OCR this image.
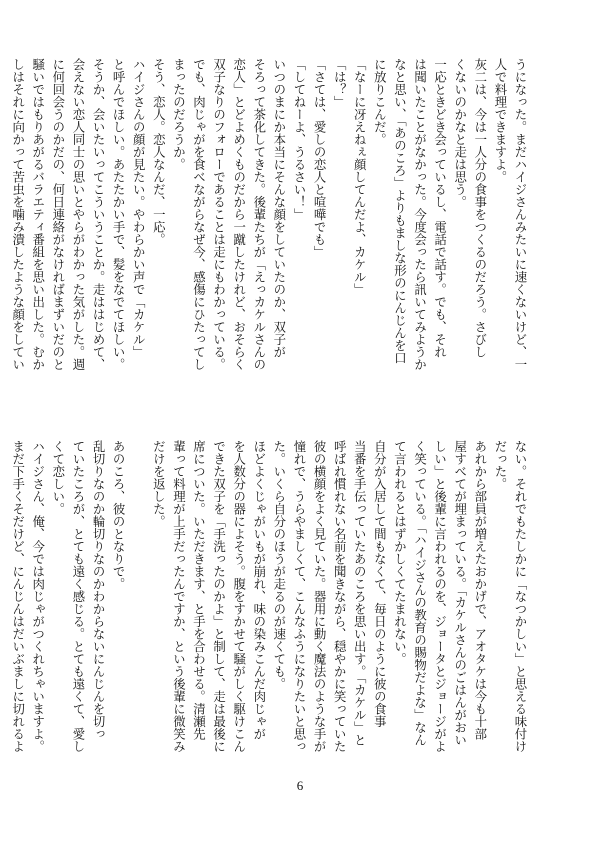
うになった。まだハイジさんみたいに速くないけど、一
人で料理できますよ。
灰二は、今は一人分の食事をつくるのだろう。さびし
くないのかなと走は思う。
一応ときどき会っているし、電話で話す。でも、それ
は聞いたことがなかった。今度会ったら訊いてみようか
なと思い、「あのころ」よりもましな形のにんじんを口
に放りこんだ。
「なーに冴えねぇ顔してんだよ、カケル」
「は？」
「さては、愛しの恋人と喧嘩でも」
「してねーよ、うるさい！」
いつのまにか本当にそんな顔をしていたのか、双子が
そろって茶化してきた。後輩たちが「えっカケルさんの
恋人」とどよめくものだから一蹴したけれど、おそらく
双子なりのフォローであることは走にもわかっている。
でも、肉じゃがを食べながらなぜ今、感傷にひたってし
まったのだろうか。
そう、恋人。恋人なんだ、一応。
ハイジさんの顔が見たい。やわらかい声で「カケル」
と呼んでほしい。あたたかい手で、髪をなでてほしい。
そうか、会いたいってこういうことか。走ははじめて、
会えない恋人同士の思いとやらがわかった気がした。週
に何回会うのかだの、何日連絡がなければまずいだのと
騒いではもりあがるバラエティ番組を思い出した。むか
しはそれに向かって苦虫を噛み潰したような顔をしてい
ない。それでもたしかに「なつかしい」と思える味付け
だった。
あれから部員が増えたおかげで、アオタケは今も十部
屋すべてが埋まっている。「カケルさんのごはんがおい
しい」と後輩に言われるのを、ジョータとジョージがよ
く笑っている。「ハイジさんの教育の賜物だよな」なん
て言われるとはずかしくてたまれない。
自分が入居して間もなくて、毎日のように彼の食事
当番を手伝っていたあのころを思い出す。「カケル」と
呼ばれ慣れない名前を聞きながら、穏やかに笑っていた
彼の横顔をよく見ていた。器用に動く魔法のような手が
憧れで、うらやましくて、こんなふうになりたいと思っ
た。いくら自分のほうが走るのが速くても。
ほどよくじゃがいもが崩れ、味の染みこんだ肉じゃが
を人数分の器によそう。腹をすかせて騒がしく駆けこん
できた双子を「手洗ったのかよ」と制して、走は最後に
席についた。いただきます、と手を合わせる。清瀬先
輩って料理が上手だったんですか、という後輩に微笑み
だけを返した。

あのころ、彼のとなりで。
乱切りなのか輪切りなのかわからないにんじんを切っ
ていたころが、とても遠く感じる。とても遠くて、愛し
くて恋しい。
ハイジさん、俺、今では肉じゃがつくれちゃいますよ。
まだ下手くそだけど、にんじんはだいぶましに切れるよ
6
